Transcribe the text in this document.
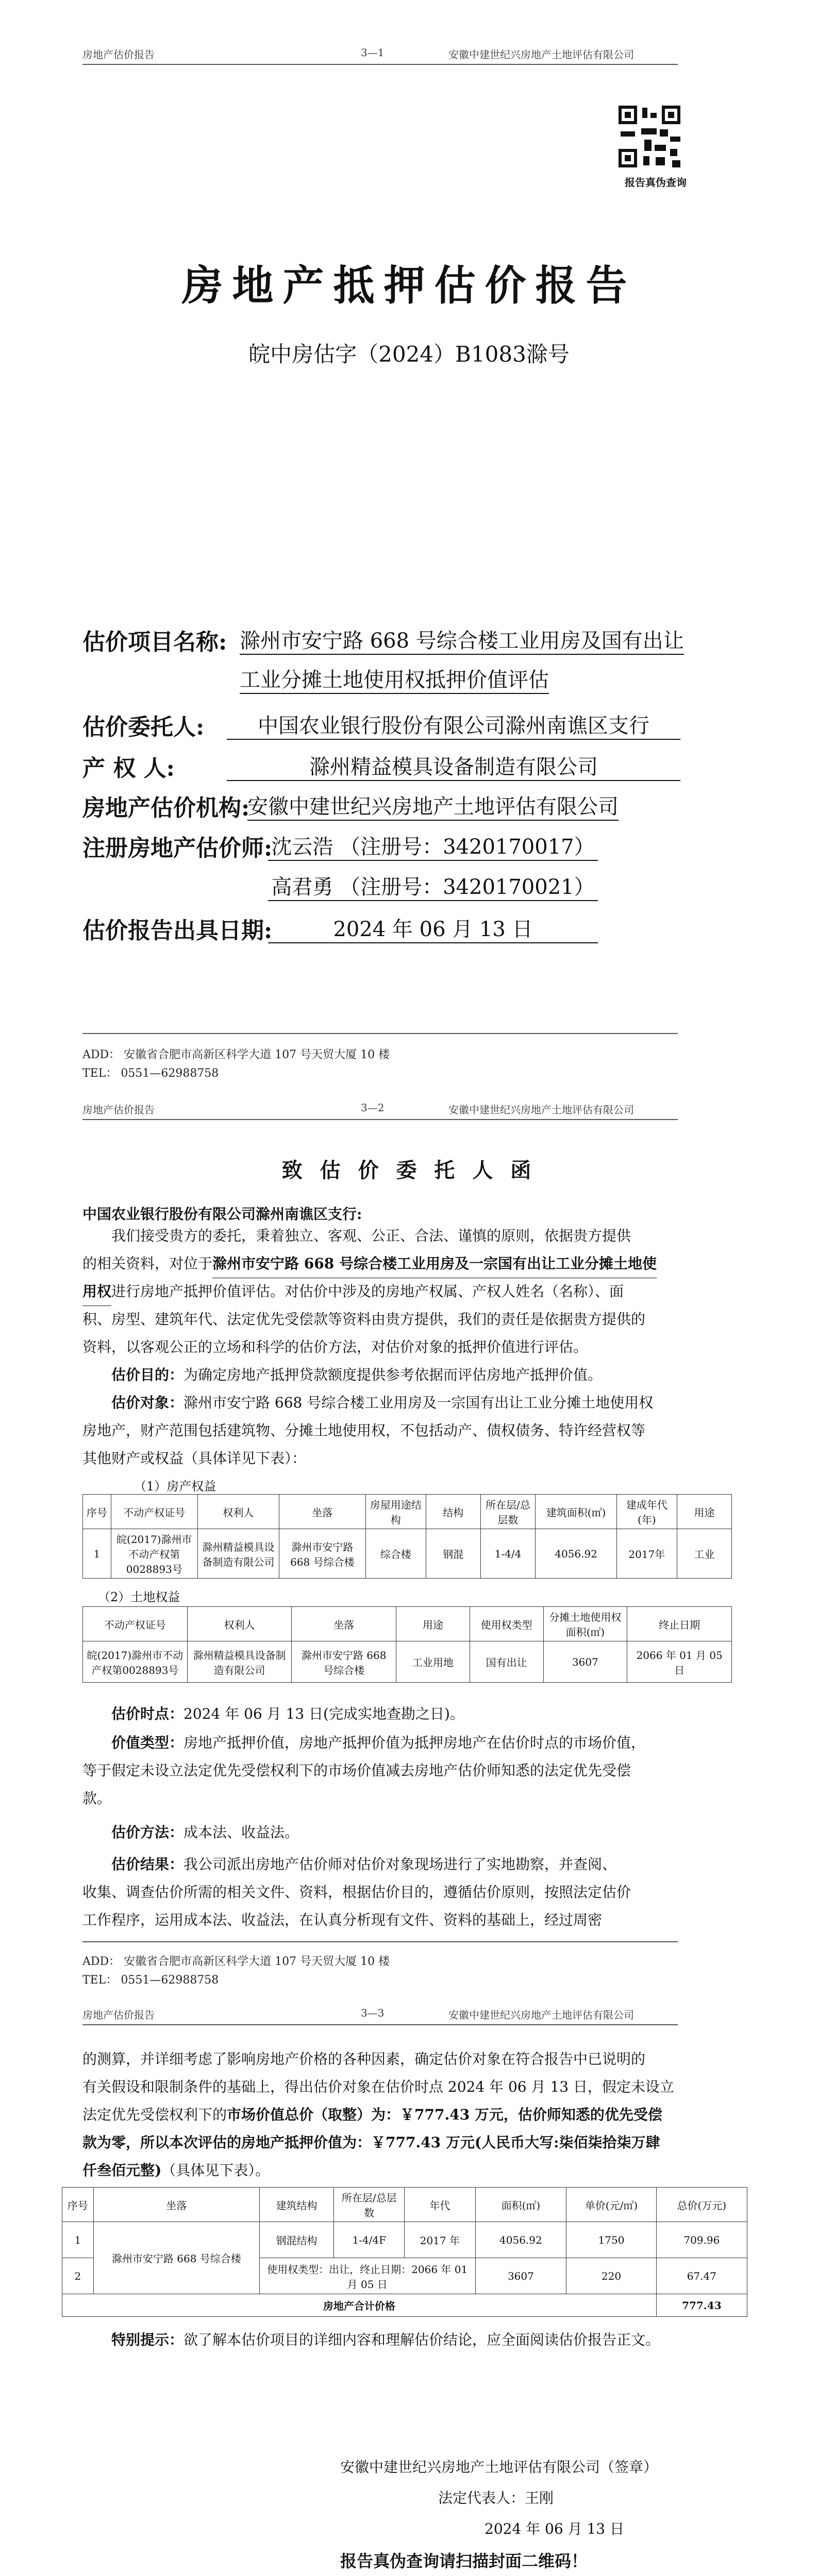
房地产估价报告	3—1	安徽中建世纪兴房地产土地评估有限公司
报告真伪查询
房地产抵押估价报告
皖中房估字（2024）B1083滁号
估价项目名称: 滁州市安宁路 668 号综合楼工业用房及国有出让
工业分摊土地使用权抵押价值评估
估价委托人:	中国农业银行股份有限公司滁州南谯区支行
产 权 人:	滁州精益模具设备制造有限公司
房地产估价机构:
安徽中建世纪兴房地产土地评估有限公司
注册房地产估价师:
沈云浩 （注册号：3420170017）
高君勇 （注册号：3420170021）
估价报告出具日期:	2024 年 06 月 13 日
ADD： 安徽省合肥市高新区科学大道 107 号天贸大厦 10 楼
TEL： 0551—62988758
房地产估价报告	3—2	安徽中建世纪兴房地产土地评估有限公司
致 估 价 委 托 人 函
中国农业银行股份有限公司滁州南谯区支行:
我们接受贵方的委托，秉着独立、客观、公正、合法、谨慎的原则，依据贵方提供
的相关资料，对位于滁州市安宁路 668 号综合楼工业用房及一宗国有出让工业分摊土地使
用权进行房地产抵押价值评估。对估价中涉及的房地产权属、产权人姓名（名称）、面
积、房型、建筑年代、法定优先受偿款等资料由贵方提供，我们的责任是依据贵方提供的
资料，以客观公正的立场和科学的估价方法，对估价对象的抵押价值进行评估。
估价目的：为确定房地产抵押贷款额度提供参考依据而评估房地产抵押价值。
估价对象：滁州市安宁路 668 号综合楼工业用房及一宗国有出让工业分摊土地使用权
房地产，财产范围包括建筑物、分摊土地使用权，不包括动产、债权债务、特许经营权等
其他财产或权益（具体详见下表）：
（1）房产权益
序号	不动产权证号	权利人	坐落	房屋用途结构	结构	所在层/总层数	建筑面积(㎡)	建成年代(年)	用途
1	皖(2017)滁州市不动产权第0028893号	滁州精益模具设备制造有限公司	滁州市安宁路 668 号综合楼	综合楼	钢混	1-4/4	4056.92	2017年	工业
（2）土地权益
不动产权证号	权利人	坐落	用途	使用权类型	分摊土地使用权面积(㎡)	终止日期
皖(2017)滁州市不动产权第0028893号	滁州精益模具设备制造有限公司	滁州市安宁路 668 号综合楼	工业用地	国有出让	3607	2066 年 01 月 05 日
估价时点：2024 年 06 月 13 日(完成实地查勘之日)。
价值类型：房地产抵押价值，房地产抵押价值为抵押房地产在估价时点的市场价值，
等于假定未设立法定优先受偿权利下的市场价值减去房地产估价师知悉的法定优先受偿
款。
估价方法：成本法、收益法。
估价结果：我公司派出房地产估价师对估价对象现场进行了实地勘察，并查阅、
收集、调查估价所需的相关文件、资料，根据估价目的，遵循估价原则，按照法定估价
工作程序，运用成本法、收益法，在认真分析现有文件、资料的基础上，经过周密
ADD： 安徽省合肥市高新区科学大道 107 号天贸大厦 10 楼
TEL： 0551—62988758
房地产估价报告	3—3	安徽中建世纪兴房地产土地评估有限公司
的测算，并详细考虑了影响房地产价格的各种因素，确定估价对象在符合报告中已说明的
有关假设和限制条件的基础上，得出估价对象在估价时点 2024 年 06 月 13 日，假定未设立
法定优先受偿权利下的市场价值总价（取整）为：￥777.43 万元，估价师知悉的优先受偿
款为零，所以本次评估的房地产抵押价值为：￥777.43 万元(人民币大写:柒佰柒拾柒万肆
仟叁佰元整)（具体见下表）。
序号	坐落	建筑结构	所在层/总层数	年代	面积(㎡)	单价(元/㎡)	总价(万元)
1	滁州市安宁路 668 号综合楼	钢混结构	1-4/4F	2017 年	4056.92	1750	709.96

2		使用权类型：出让，终止日期：2066 年 01 月 05 日			3607	220	67.47
房地产合计价格							777.43
特别提示：欲了解本估价项目的详细内容和理解估价结论，应全面阅读估价报告正文。
安徽中建世纪兴房地产土地评估有限公司（签章）
法定代表人：王刚
2024 年 06 月 13 日
报告真伪查询请扫描封面二维码！
